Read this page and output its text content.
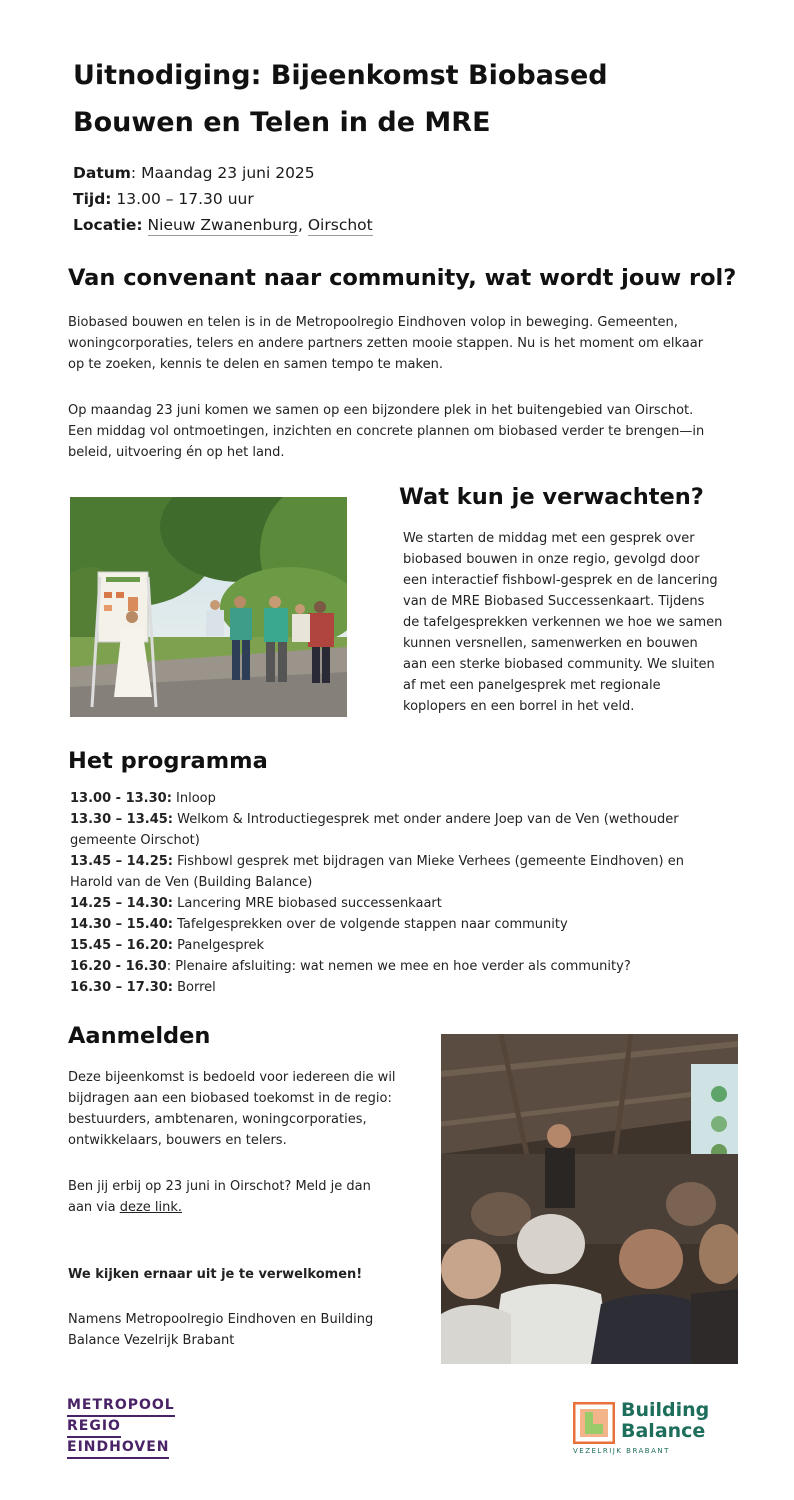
Uitnodiging: Bijeenkomst Biobased Bouwen en Telen in de MRE
Datum: Maandag 23 juni 2025
Tijd: 13.00 – 17.30 uur
Locatie: Nieuw Zwanenburg, Oirschot
Van convenant naar community, wat wordt jouw rol?

Biobased bouwen en telen is in de Metropoolregio Eindhoven volop in beweging. Gemeenten, woningcorporaties, telers en andere partners zetten mooie stappen. Nu is het moment om elkaar op te zoeken, kennis te delen en samen tempo te maken.

Op maandag 23 juni komen we samen op een bijzondere plek in het buitengebied van Oirschot. Een middag vol ontmoetingen, inzichten en concrete plannen om biobased verder te brengen—in beleid, uitvoering én op het land.

Wat kun je verwachten?

We starten de middag met een gesprek over biobased bouwen in onze regio, gevolgd door een interactief fishbowl-gesprek en de lancering van de MRE Biobased Successenkaart. Tijdens de tafelgesprekken verkennen we hoe we samen kunnen versnellen, samenwerken en bouwen aan een sterke biobased community. We sluiten af met een panelgesprek met regionale koplopers en een borrel in het veld.

Het programma
13.00 - 13.30: Inloop
13.30 – 13.45: Welkom & Introductiegesprek met onder andere Joep van de Ven (wethouder gemeente Oirschot)
13.45 – 14.25: Fishbowl gesprek met bijdragen van Mieke Verhees (gemeente Eindhoven) en Harold van de Ven (Building Balance)
14.25 – 14.30: Lancering MRE biobased successenkaart
14.30 – 15.40: Tafelgesprekken over de volgende stappen naar community
15.45 – 16.20: Panelgesprek
16.20 - 16.30: Plenaire afsluiting: wat nemen we mee en hoe verder als community?
16.30 – 17.30: Borrel
Aanmelden

Deze bijeenkomst is bedoeld voor iedereen die wil bijdragen aan een biobased toekomst in de regio: bestuurders, ambtenaren, woningcorporaties, ontwikkelaars, bouwers en telers.

Ben jij erbij op 23 juni in Oirschot? Meld je dan aan via deze link.

We kijken ernaar uit je te verwelkomen!

Namens Metropoolregio Eindhoven en Building Balance Vezelrijk Brabant

METROPOOL
REGIO
EINDHOVEN
Building
Balance
VEZELRIJK BRABANT
